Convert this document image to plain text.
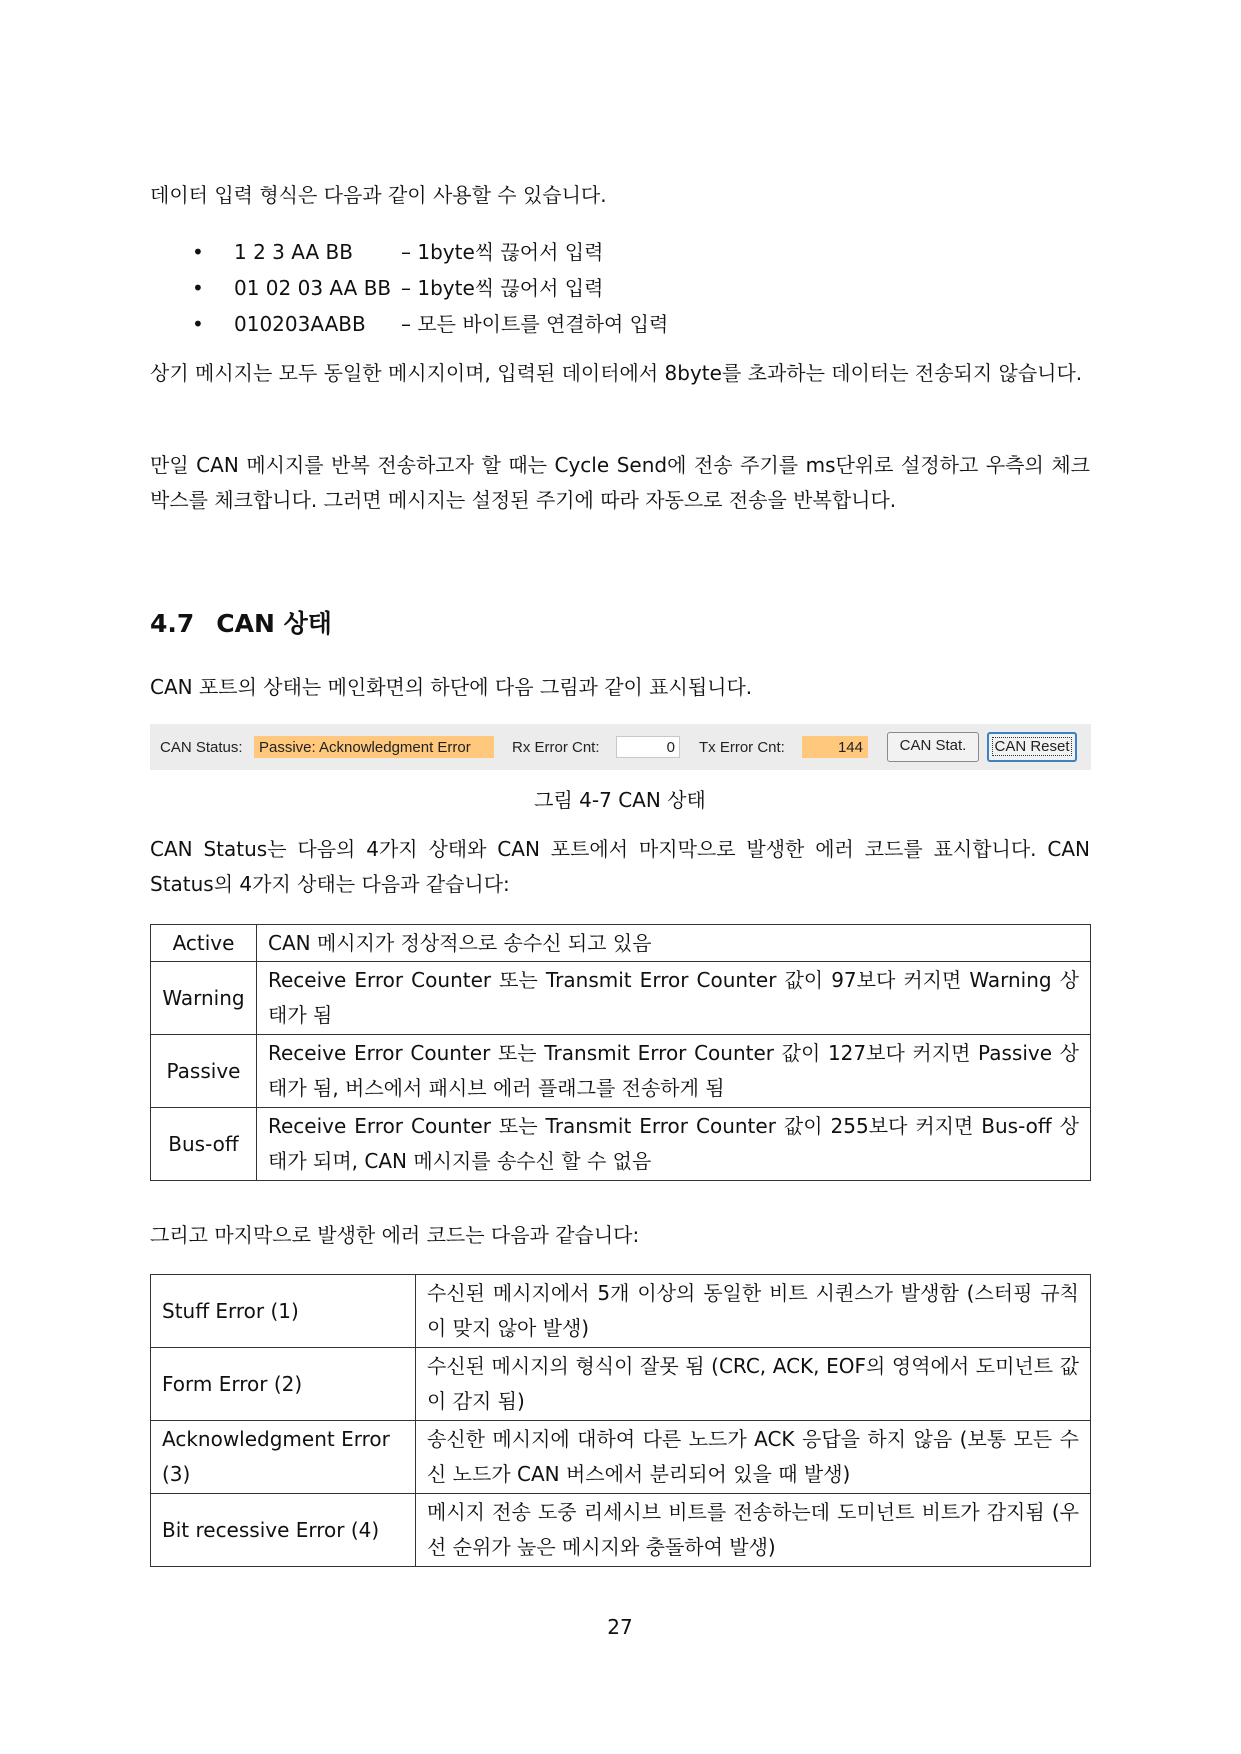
데이터 입력 형식은 다음과 같이 사용할 수 있습니다.

• 1 2 3 AA BB – 1byte씩 끊어서 입력
• 01 02 03 AA BB – 1byte씩 끊어서 입력
• 010203AABB – 모든 바이트를 연결하여 입력

상기 메시지는 모두 동일한 메시지이며, 입력된 데이터에서 8byte를 초과하는 데이터는 전송되지 않습니다.

만일 CAN 메시지를 반복 전송하고자 할 때는 Cycle Send에 전송 주기를 ms단위로 설정하고 우측의 체크박스를 체크합니다. 그러면 메시지는 설정된 주기에 따라 자동으로 전송을 반복합니다.

4.7 CAN 상태

CAN 포트의 상태는 메인화면의 하단에 다음 그림과 같이 표시됩니다.

CAN Status:	Passive: Acknowledgment Error	Rx Error Cnt:	0	Tx Error Cnt:	144	CAN Stat.	CAN Reset
그림 4-7 CAN 상태

CAN Status는 다음의 4가지 상태와 CAN 포트에서 마지막으로 발생한 에러 코드를 표시합니다. CAN Status의 4가지 상태는 다음과 같습니다:

Active	CAN 메시지가 정상적으로 송수신 되고 있음
Warning	Receive Error Counter 또는 Transmit Error Counter 값이 97보다 커지면 Warning 상태가 됨
Passive	Receive Error Counter 또는 Transmit Error Counter 값이 127보다 커지면 Passive 상태가 됨, 버스에서 패시브 에러 플래그를 전송하게 됨
Bus-off	Receive Error Counter 또는 Transmit Error Counter 값이 255보다 커지면 Bus-off 상태가 되며, CAN 메시지를 송수신 할 수 없음

그리고 마지막으로 발생한 에러 코드는 다음과 같습니다:

Stuff Error (1)	수신된 메시지에서 5개 이상의 동일한 비트 시퀀스가 발생함 (스터핑 규칙이 맞지 않아 발생)
Form Error (2)	수신된 메시지의 형식이 잘못 됨 (CRC, ACK, EOF의 영역에서 도미넌트 값이 감지 됨)
Acknowledgment Error (3)	송신한 메시지에 대하여 다른 노드가 ACK 응답을 하지 않음 (보통 모든 수신 노드가 CAN 버스에서 분리되어 있을 때 발생)
Bit recessive Error (4)	메시지 전송 도중 리세시브 비트를 전송하는데 도미넌트 비트가 감지됨 (우선 순위가 높은 메시지와 충돌하여 발생)
27
